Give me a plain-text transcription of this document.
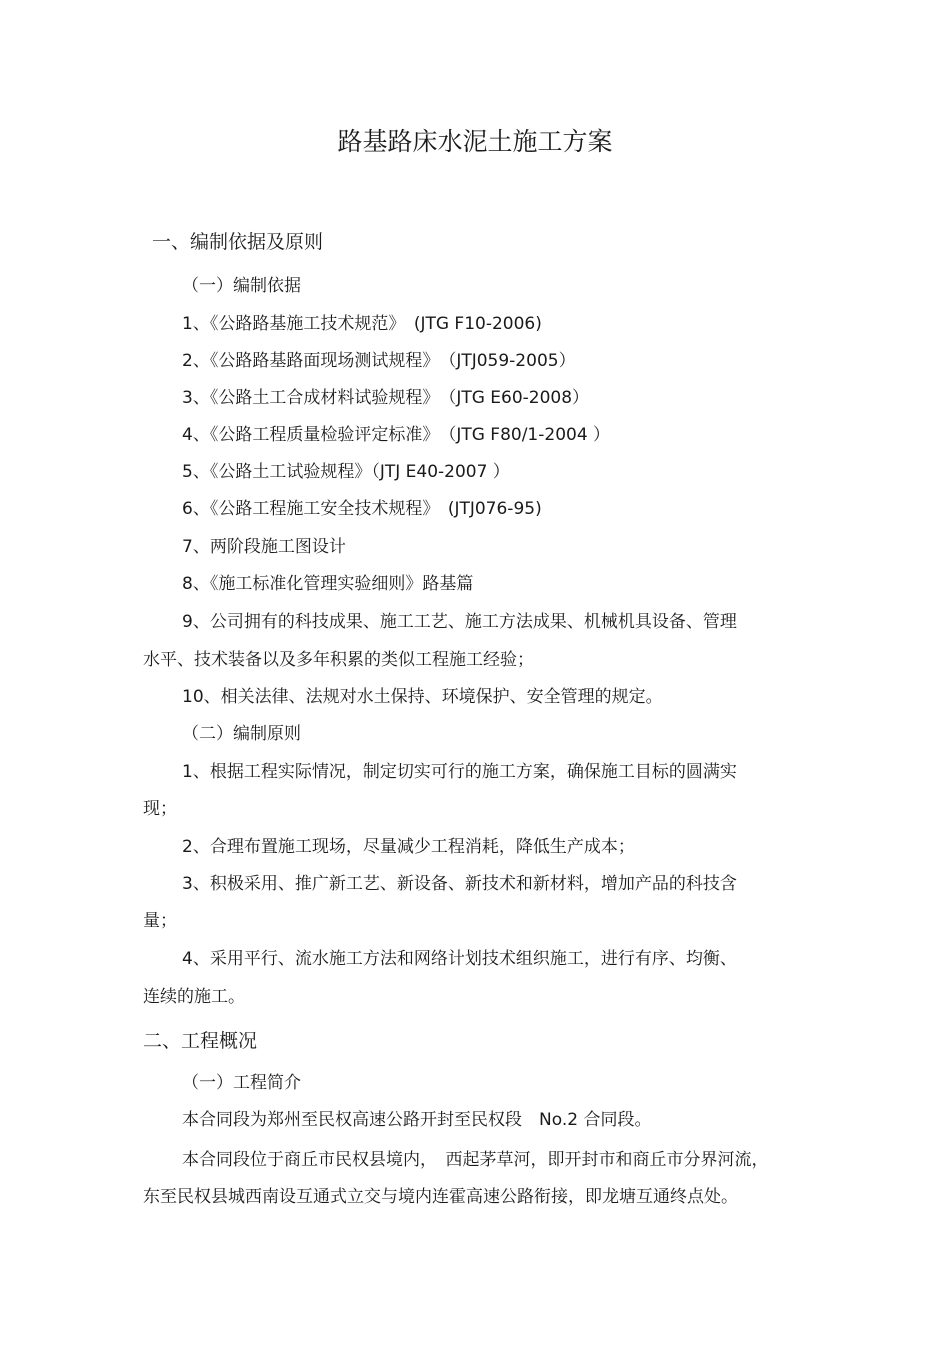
路基路床水泥土施工方案
一、编制依据及原则
（一）编制依据
1、《公路路基施工技术规范》　(JTG F10-2006)
2、《公路路基路面现场测试规程》　（JTJ059-2005）
3、《公路土工合成材料试验规程》　（JTG E60-2008）
4、《公路工程质量检验评定标准》　（JTG F80/1-2004 ）
5、《公路土工试验规程》（JTJ E40-2007 ）
6、《公路工程施工安全技术规程》　(JTJ076-95)
7、两阶段施工图设计
8、《施工标准化管理实验细则》路基篇
9、公司拥有的科技成果、施工工艺、施工方法成果、机械机具设备、管理
水平、技术装备以及多年积累的类似工程施工经验；
10、相关法律、法规对水土保持、环境保护、安全管理的规定。
（二）编制原则
1、根据工程实际情况，制定切实可行的施工方案，确保施工目标的圆满实
现；
2、合理布置施工现场，尽量减少工程消耗，降低生产成本；
3、积极采用、推广新工艺、新设备、新技术和新材料，增加产品的科技含
量；
4、采用平行、流水施工方法和网络计划技术组织施工，进行有序、均衡、
连续的施工。
二、工程概况
（一）工程简介
本合同段为郑州至民权高速公路开封至民权段　No.2 合同段。
本合同段位于商丘市民权县境内，　西起茅草河，即开封市和商丘市分界河流，
东至民权县城西南设互通式立交与境内连霍高速公路衔接，即龙塘互通终点处。
